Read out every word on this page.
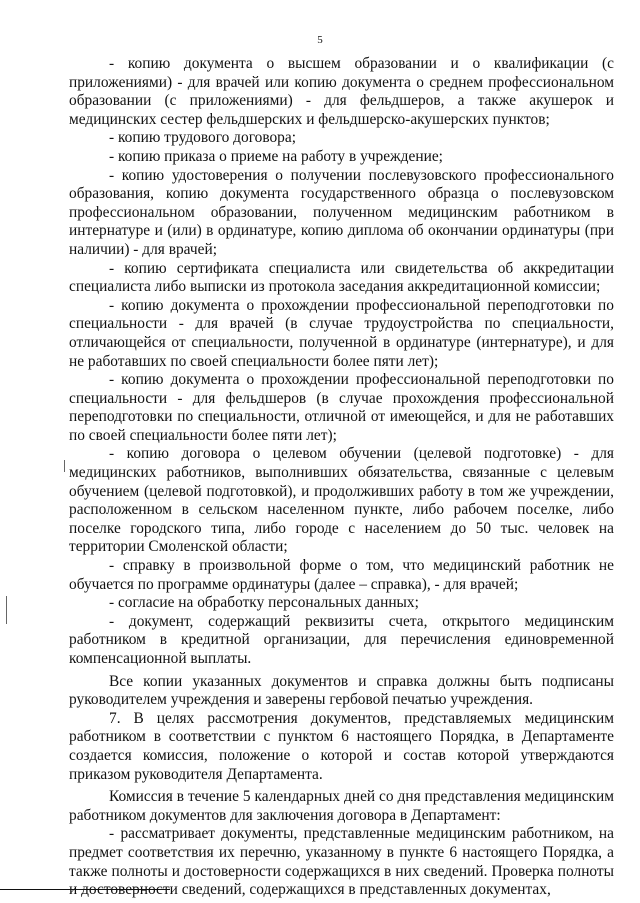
5

- копию документа о высшем образовании и о квалификации (с приложениями) - для врачей или копию документа о среднем профессиональном образовании (с приложениями) - для фельдшеров, а также акушерок и медицинских сестер фельдшерских и фельдшерско-акушерских пунктов;

- копию трудового договора;

- копию приказа о приеме на работу в учреждение;

- копию удостоверения о получении послевузовского профессионального образования, копию документа государственного образца о послевузовском профессиональном образовании, полученном медицинским работником в интернатуре и (или) в ординатуре, копию диплома об окончании ординатуры (при наличии) - для врачей;

- копию сертификата специалиста или свидетельства об аккредитации специалиста либо выписки из протокола заседания аккредитационной комиссии;

- копию документа о прохождении профессиональной переподготовки по специальности - для врачей (в случае трудоустройства по специальности, отличающейся от специальности, полученной в ординатуре (интернатуре), и для не работавших по своей специальности более пяти лет);

- копию документа о прохождении профессиональной переподготовки по специальности - для фельдшеров (в случае прохождения профессиональной переподготовки по специальности, отличной от имеющейся, и для не работавших по своей специальности более пяти лет);

- копию договора о целевом обучении (целевой подготовке) - для медицинских работников, выполнивших обязательства, связанные с целевым обучением (целевой подготовкой), и продолживших работу в том же учреждении, расположенном в сельском населенном пункте, либо рабочем поселке, либо поселке городского типа, либо городе с населением до 50 тыс. человек на территории Смоленской области;

- справку в произвольной форме о том, что медицинский работник не обучается по программе ординатуры (далее – справка), - для врачей;

- согласие на обработку персональных данных;

- документ, содержащий реквизиты счета, открытого медицинским работником в кредитной организации, для перечисления единовременной компенсационной выплаты.

Все копии указанных документов и справка должны быть подписаны руководителем учреждения и заверены гербовой печатью учреждения.

7. В целях рассмотрения документов, представляемых медицинским работником в соответствии с пунктом 6 настоящего Порядка, в Департаменте создается комиссия, положение о которой и состав которой утверждаются приказом руководителя Департамента.

Комиссия в течение 5 календарных дней со дня представления медицинским работником документов для заключения договора в Департамент:

- рассматривает документы, представленные медицинским работником, на предмет соответствия их перечню, указанному в пункте 6 настоящего Порядка, а также полноты и достоверности содержащихся в них сведений. Проверка полноты и достоверности сведений, содержащихся в представленных документах,
